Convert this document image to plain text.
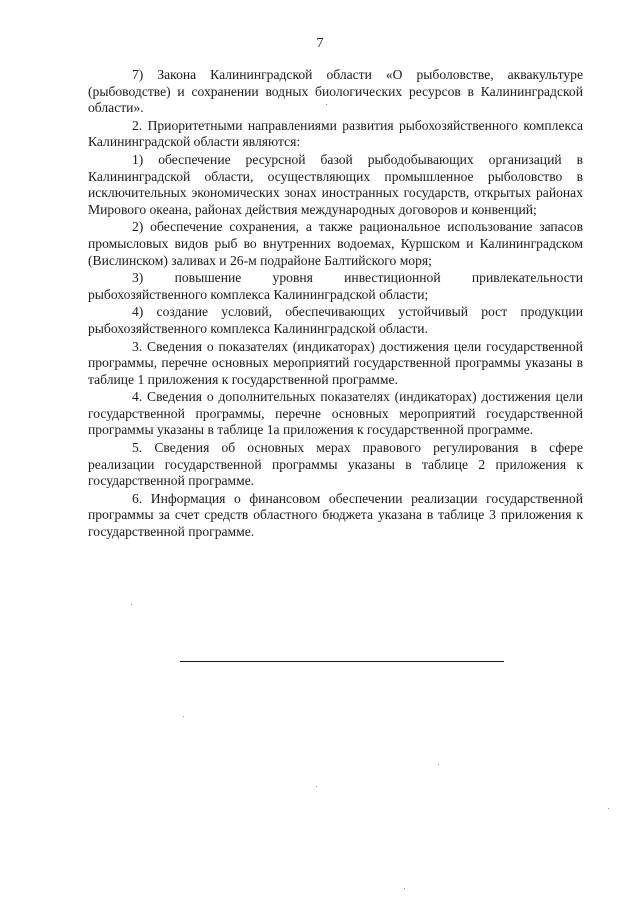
7

7) Закона Калининградской области «О рыболовстве, аквакультуре (рыбоводстве) и сохранении водных биологических ресурсов в Калининградской области».

2. Приоритетными направлениями развития рыбохозяйственного комплекса Калининградской области являются:

1) обеспечение ресурсной базой рыбодобывающих организаций в Калининградской области, осуществляющих промышленное рыболовство в исключительных экономических зонах иностранных государств, открытых районах Мирового океана, районах действия международных договоров и конвенций;

2) обеспечение сохранения, а также рациональное использование запасов промысловых видов рыб во внутренних водоемах, Куршском и Калининградском (Вислинском) заливах и 26-м подрайоне Балтийского моря;

3) повышение уровня инвестиционной привлекательности рыбохозяйственного комплекса Калининградской области;

4) создание условий, обеспечивающих устойчивый рост продукции рыбохозяйственного комплекса Калининградской области.

3. Сведения о показателях (индикаторах) достижения цели государственной программы, перечне основных мероприятий государственной программы указаны в таблице 1 приложения к государственной программе.

4. Сведения о дополнительных показателях (индикаторах) достижения цели государственной программы, перечне основных мероприятий государственной программы указаны в таблице 1а приложения к государственной программе.

5. Сведения об основных мерах правового регулирования в сфере реализации государственной программы указаны в таблице 2 приложения к государственной программе.

6. Информация о финансовом обеспечении реализации государственной программы за счет средств областного бюджета указана в таблице 3 приложения к государственной программе.
